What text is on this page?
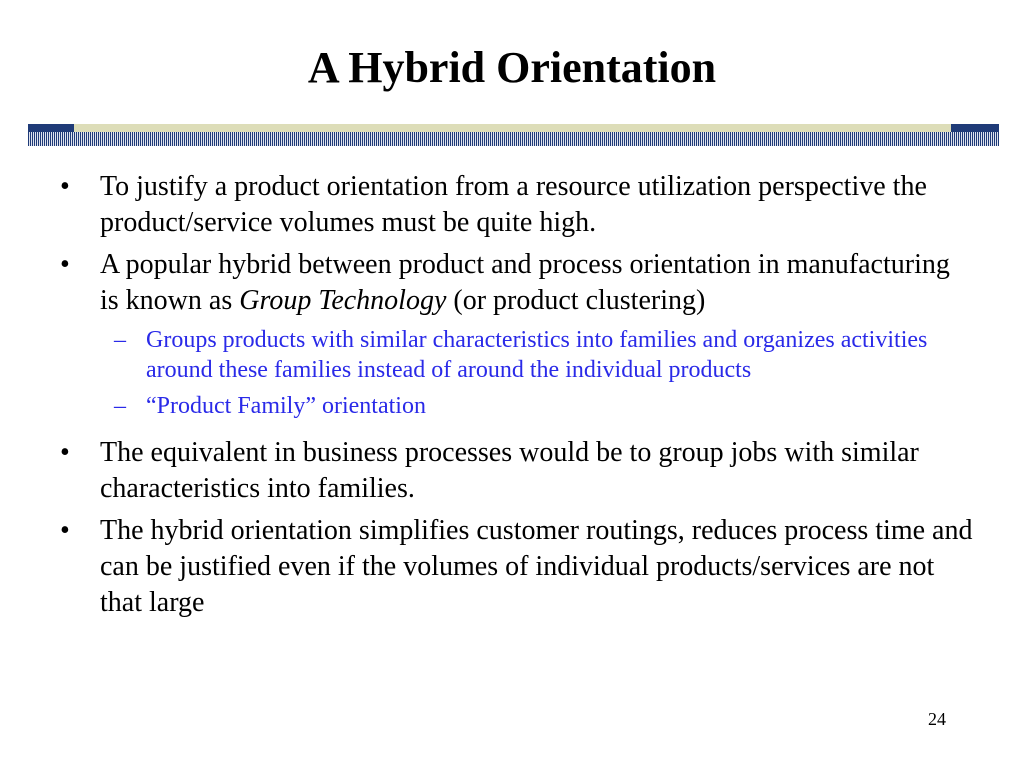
A Hybrid Orientation
• To justify a product orientation from a resource utilization perspective the product/service volumes must be quite high.
• A popular hybrid between product and process orientation in manufacturing is known as Group Technology (or product clustering)
– Groups products with similar characteristics into families and organizes activities around these families instead of around the individual products
– “Product Family” orientation
• The equivalent in business processes would be to group jobs with similar characteristics into families.
• The hybrid orientation simplifies customer routings, reduces process time and can be justified even if the volumes of individual products/services are not that large
24
